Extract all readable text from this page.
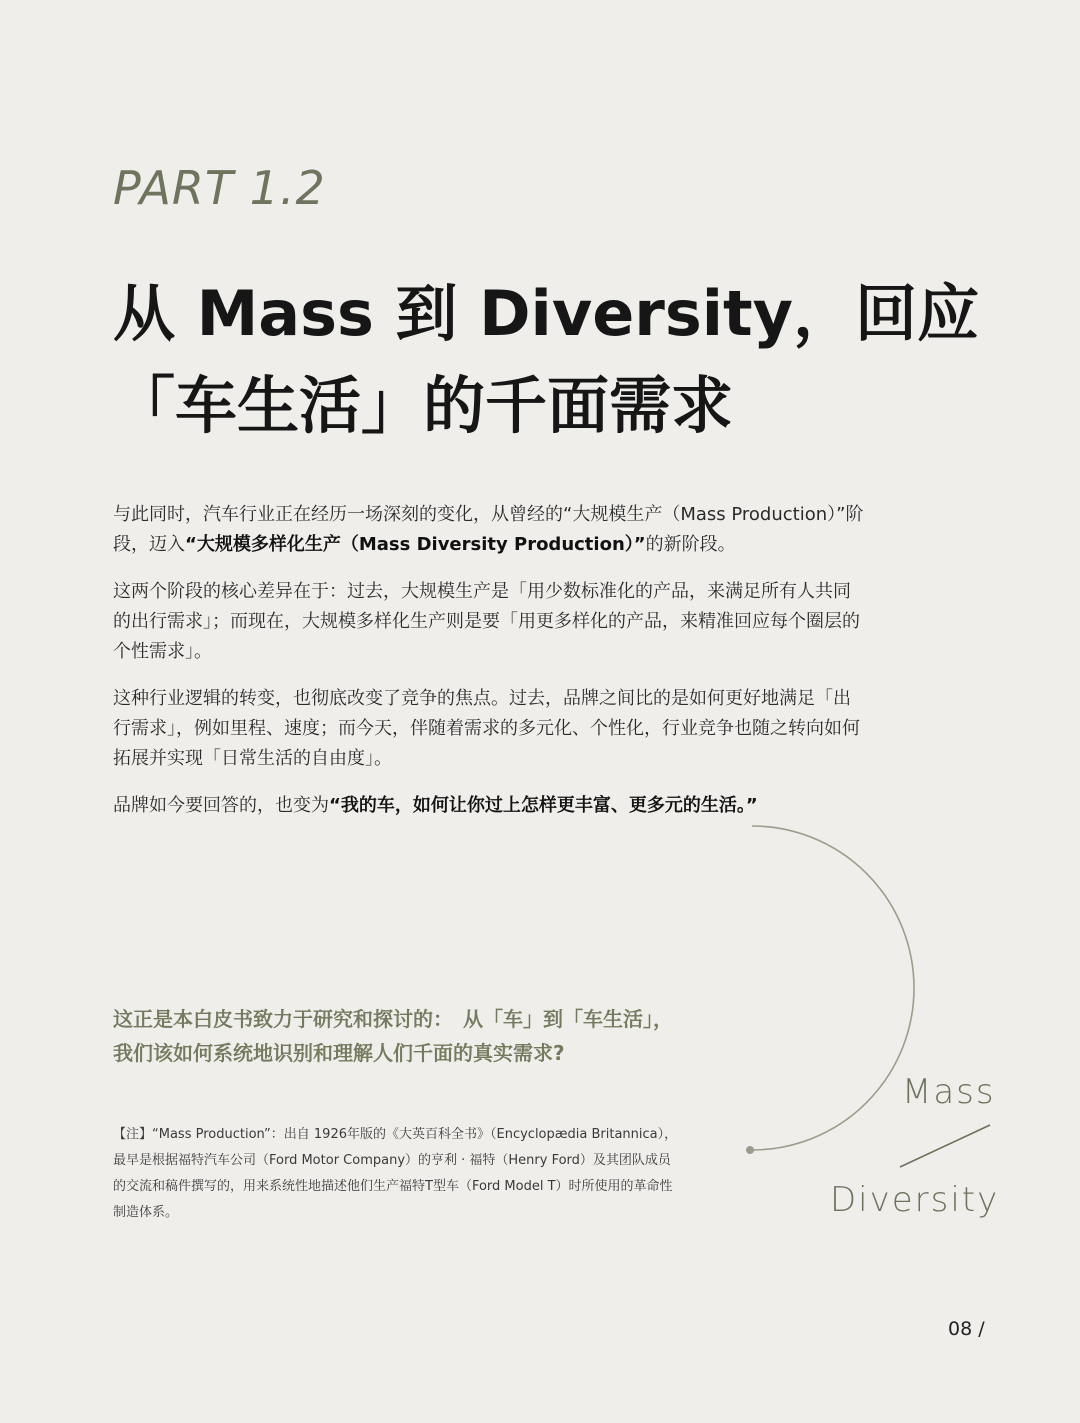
PART 1.2
从 Mass 到 Diversity，回应
「车生活」的千面需求

与此同时，汽车行业正在经历一场深刻的变化，从曾经的“大规模生产（Mass Production）”阶段，迈入“大规模多样化生产（Mass Diversity Production）”的新阶段。

这两个阶段的核心差异在于：过去，大规模生产是「用少数标准化的产品，来满足所有人共同的出行需求」；而现在，大规模多样化生产则是要「用更多样化的产品，来精准回应每个圈层的个性需求」。

这种行业逻辑的转变，也彻底改变了竞争的焦点。过去，品牌之间比的是如何更好地满足「出行需求」，例如里程、速度；而今天，伴随着需求的多元化、个性化，行业竞争也随之转向如何拓展并实现「日常生活的自由度」。

品牌如今要回答的，也变为“我的车，如何让你过上怎样更丰富、更多元的生活。”

这正是本白皮书致力于研究和探讨的：　从「车」到「车生活」，
我们该如何系统地识别和理解人们千面的真实需求?
【注】“Mass Production”：出自 1926年版的《大英百科全书》（Encyclopædia Britannica），最早是根据福特汽车公司（Ford Motor Company）的亨利 · 福特（Henry Ford）及其团队成员的交流和稿件撰写的，用来系统性地描述他们生产福特T型车（Ford Model T）时所使用的革命性制造体系。
Mass
Diversity
08 /
